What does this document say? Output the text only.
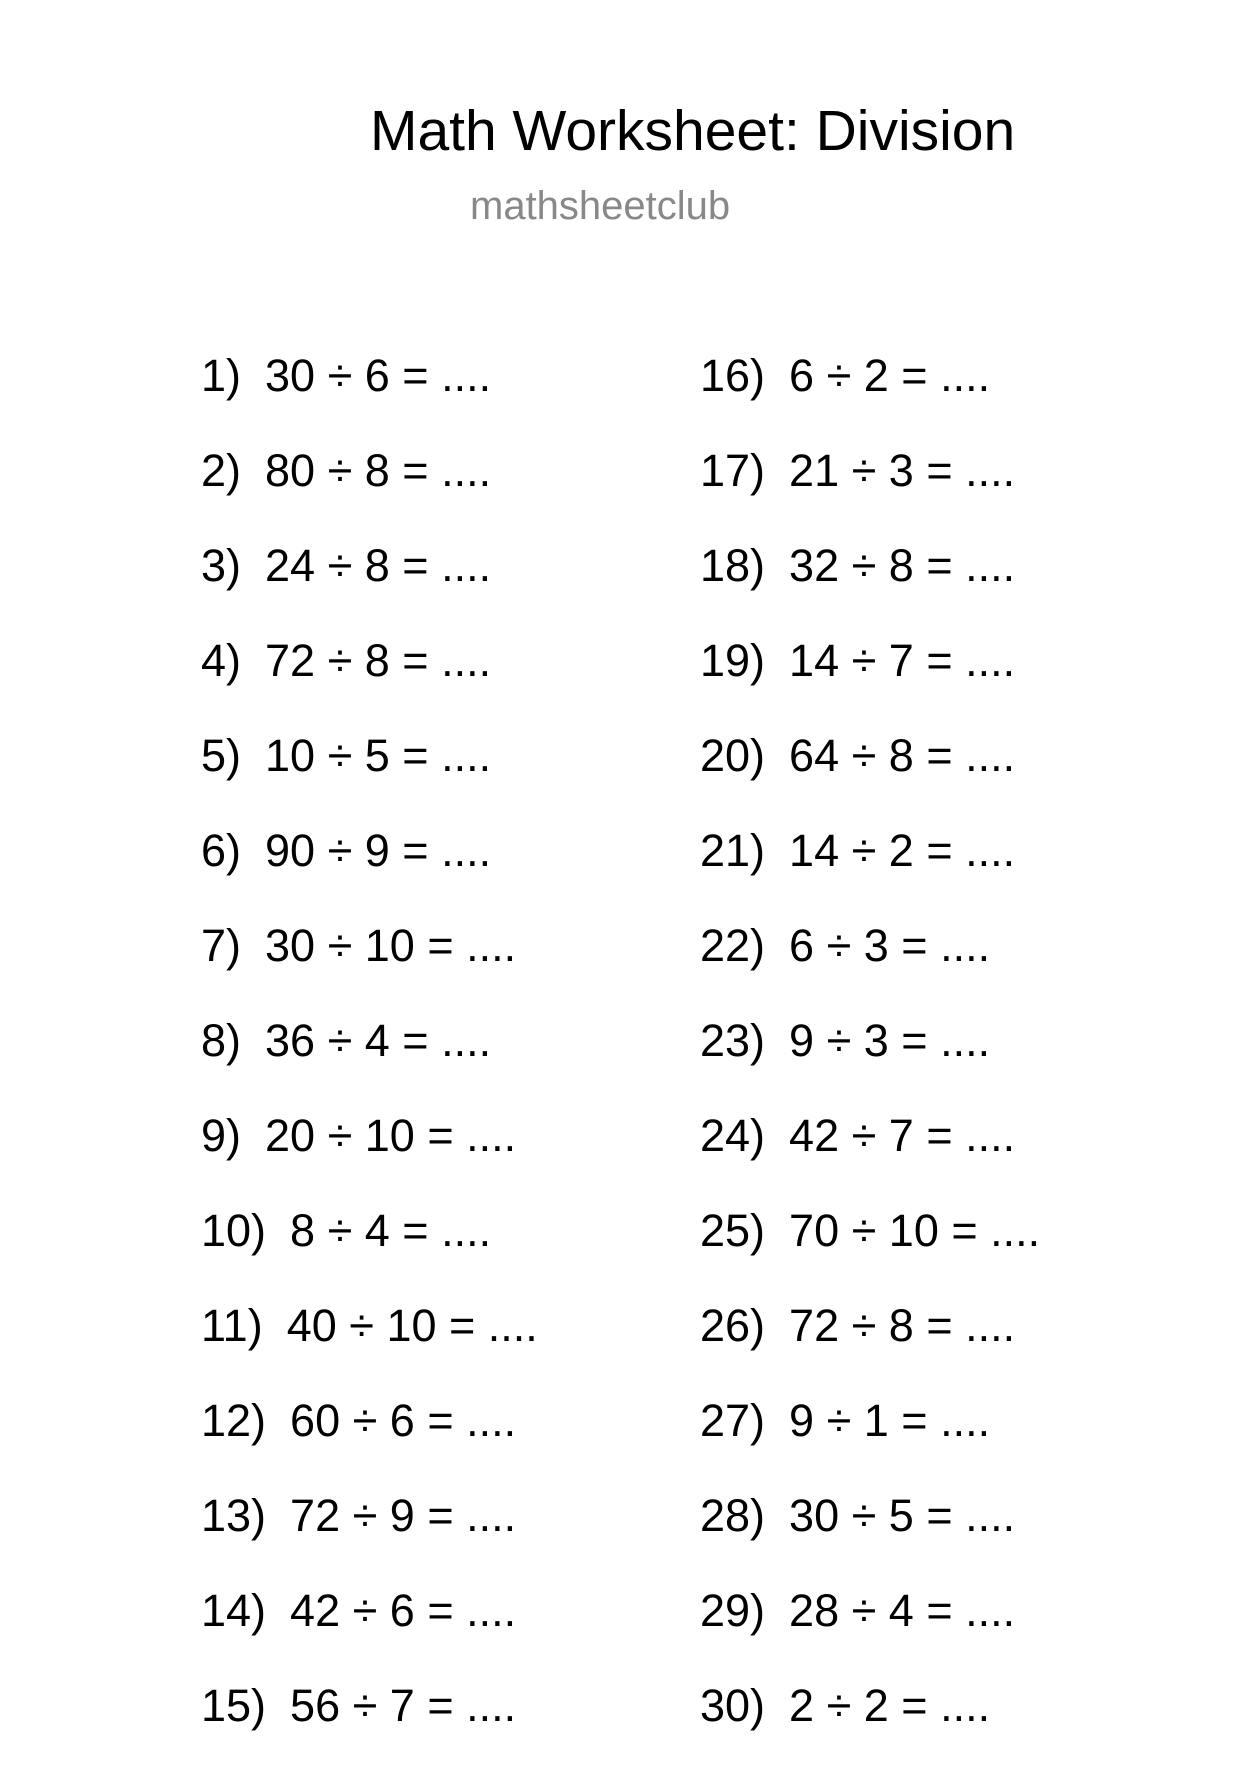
Math Worksheet: Division
mathsheetclub
1) 30 ÷ 6 = ....
2) 80 ÷ 8 = ....
3) 24 ÷ 8 = ....
4) 72 ÷ 8 = ....
5) 10 ÷ 5 = ....
6) 90 ÷ 9 = ....
7) 30 ÷ 10 = ....
8) 36 ÷ 4 = ....
9) 20 ÷ 10 = ....
10) 8 ÷ 4 = ....
11) 40 ÷ 10 = ....
12) 60 ÷ 6 = ....
13) 72 ÷ 9 = ....
14) 42 ÷ 6 = ....
15) 56 ÷ 7 = ....
16) 6 ÷ 2 = ....
17) 21 ÷ 3 = ....
18) 32 ÷ 8 = ....
19) 14 ÷ 7 = ....
20) 64 ÷ 8 = ....
21) 14 ÷ 2 = ....
22) 6 ÷ 3 = ....
23) 9 ÷ 3 = ....
24) 42 ÷ 7 = ....
25) 70 ÷ 10 = ....
26) 72 ÷ 8 = ....
27) 9 ÷ 1 = ....
28) 30 ÷ 5 = ....
29) 28 ÷ 4 = ....
30) 2 ÷ 2 = ....
